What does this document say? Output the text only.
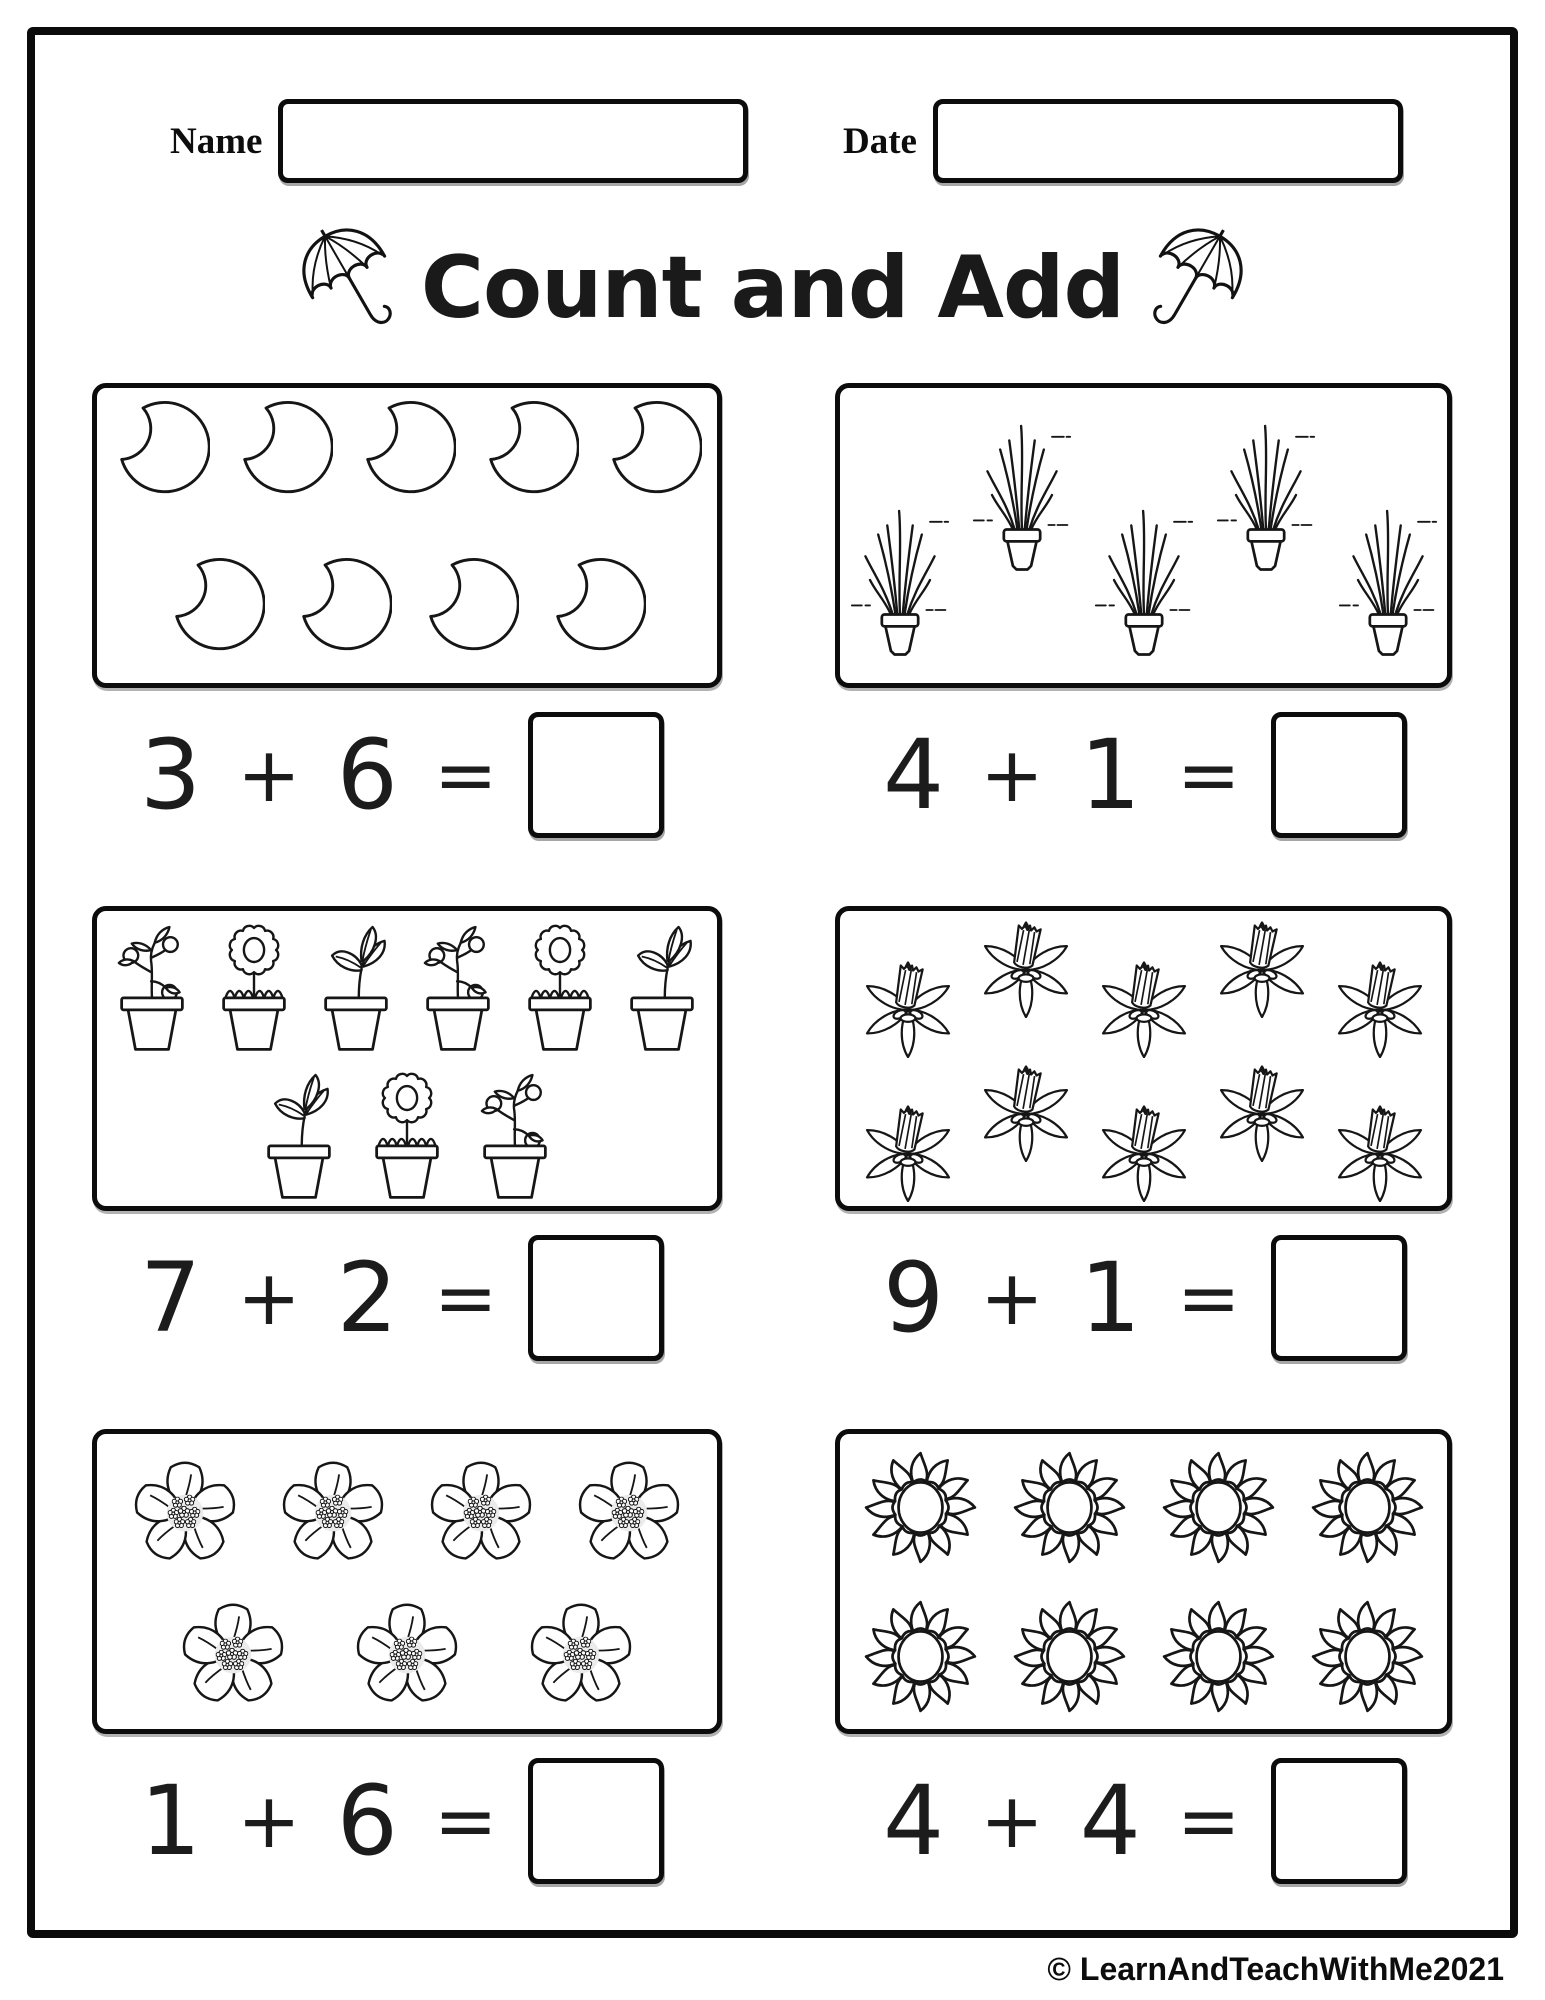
Name	Date
Count and Add
3 + 6 =	4 + 1 =
7 + 2 =	9 + 1 =
1 + 6 =	4 + 4 =
© LearnAndTeachWithMe2021
